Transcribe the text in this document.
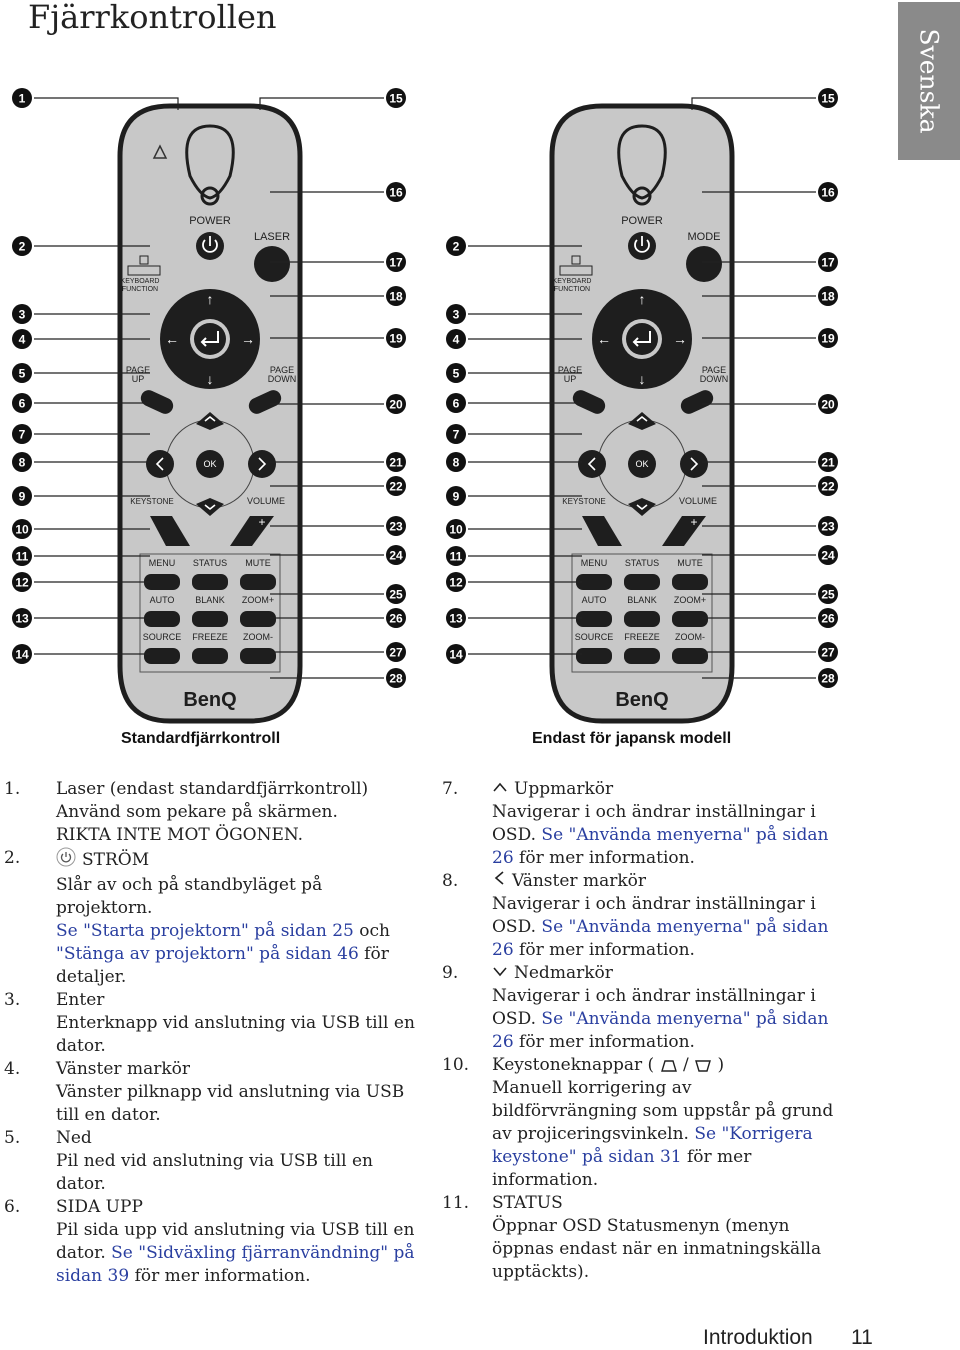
Fjärrkontrollen
Svenska
POWER
LASER
KEYBOARD
FUNCTION
↑
↓
←	→
PAGE
UP
PAGE
DOWN
OK
KEYSTONE	VOLUME
+
MENU STATUS MUTE
AUTO BLANK ZOOM+
SOURCE FREEZE ZOOM-
BenQ
1
2
3
4
5
6
7
8
9
10
11
12
13
14
15
16
17
18
19
20
21
22
23
24
25
26
27
28
POWER
MODE
KEYBOARD
FUNCTION
↑
↓
←	→
PAGE
UP
PAGE
DOWN
OK
KEYSTONE	VOLUME
+
MENU STATUS MUTE
AUTO BLANK ZOOM+
SOURCE FREEZE ZOOM-
BenQ
2
3
4
5
6
7
8
9
10
11
12
13
14
15
16
17
18
19
20
21
22
23
24
25
26
27
28
Standardfjärrkontroll	Endast för japansk modell
1. Laser (endast standardfjärrkontroll)
Använd som pekare på skärmen.
RIKTA INTE MOT ÖGONEN.
2.	STRÖM
Slår av och på standbyläget på projektorn.
Se "Starta projektorn" på sidan 25 och
"Stänga av projektorn" på sidan 46 för
detaljer.
3. Enter
Enterknapp vid anslutning via USB till en
dator.
4. Vänster markör
Vänster pilknapp vid anslutning via USB
till en dator.
5. Ned
Pil ned vid anslutning via USB till en
dator.
6. SIDA UPP
Pil sida upp vid anslutning via USB till en
dator. Se "Sidväxling fjärranvändning" på
sidan 39 för mer information.
7.	Uppmarkör
Navigerar i och ändrar inställningar i
OSD. Se "Använda menyerna" på sidan
26 för mer information.
8.	Vänster markör
Navigerar i och ändrar inställningar i
OSD. Se "Använda menyerna" på sidan
26 för mer information.
9.	Nedmarkör
Navigerar i och ändrar inställningar i
OSD. Se "Använda menyerna" på sidan
26 för mer information.
10. Keystoneknappar (  /  )
Manuell korrigering av
bildförvrängning som uppstår på grund
av projiceringsvinkeln. Se "Korrigera
keystone" på sidan 31 för mer
information.
11. STATUS
Öppnar OSD Statusmenyn (menyn
öppnas endast när en inmatningskälla
upptäckts).
Introduktion 11
